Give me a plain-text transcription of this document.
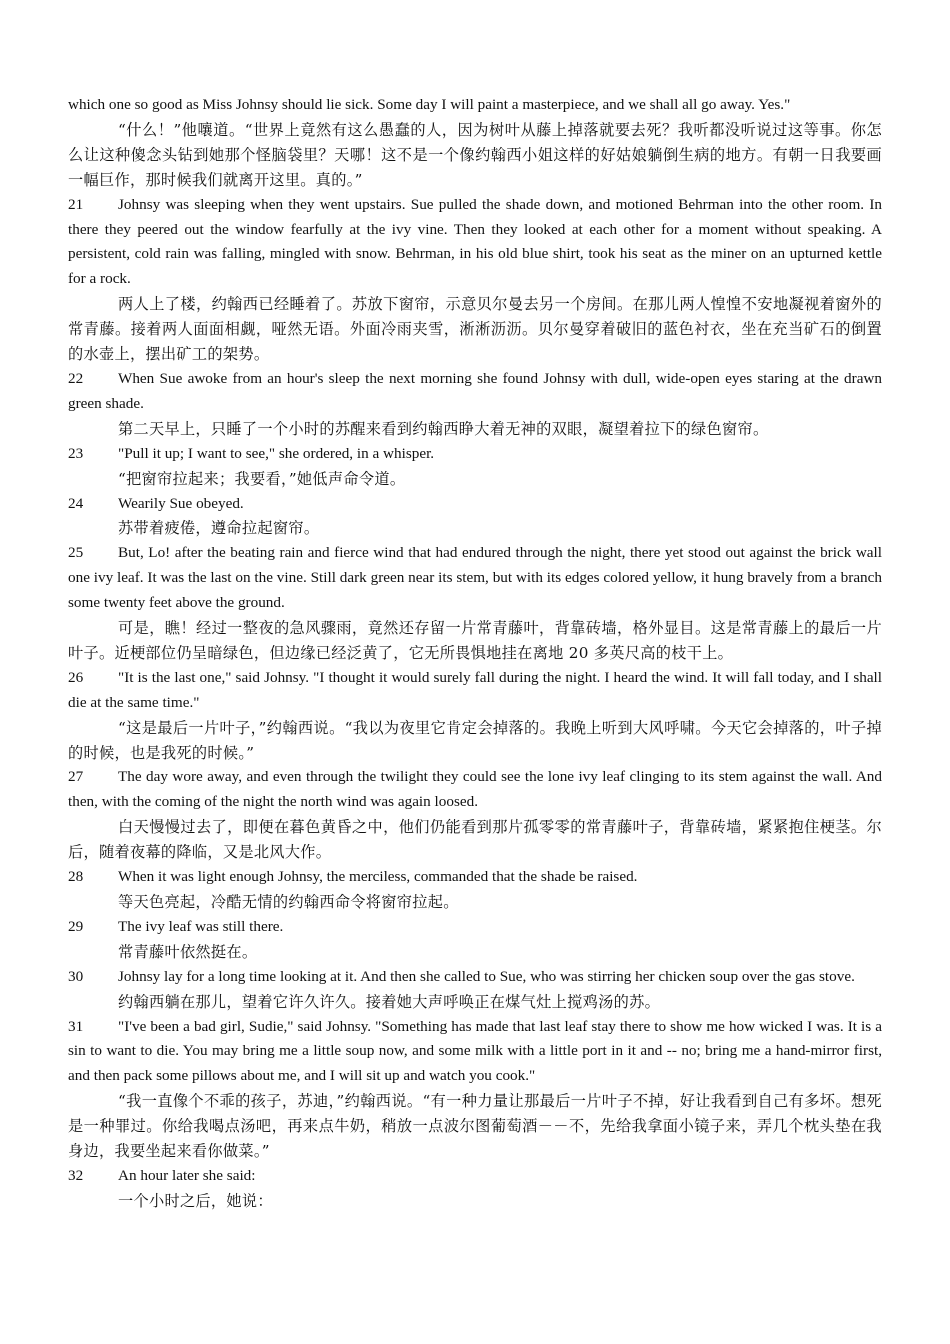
which one so good as Miss Johnsy should lie sick. Some day I will paint a masterpiece, and we shall all go away. Yes."

“什么！”他嚷道。“世界上竟然有这么愚蠢的人，因为树叶从藤上掉落就要去死？我听都没听说过这等事。你怎么让这种傻念头钻到她那个怪脑袋里？天哪！这不是一个像约翰西小姐这样的好姑娘躺倒生病的地方。有朝一日我要画一幅巨作，那时候我们就离开这里。真的。”

21 Johnsy was sleeping when they went upstairs. Sue pulled the shade down, and motioned Behrman into the other room. In there they peered out the window fearfully at the ivy vine. Then they looked at each other for a moment without speaking. A persistent, cold rain was falling, mingled with snow. Behrman, in his old blue shirt, took his seat as the miner on an upturned kettle for a rock.

两人上了楼，约翰西已经睡着了。苏放下窗帘，示意贝尔曼去另一个房间。在那儿两人惶惶不安地凝视着窗外的常青藤。接着两人面面相觑，哑然无语。外面冷雨夹雪，淅淅沥沥。贝尔曼穿着破旧的蓝色衬衣，坐在充当矿石的倒置的水壶上，摆出矿工的架势。

22 When Sue awoke from an hour's sleep the next morning she found Johnsy with dull, wide-open eyes staring at the drawn green shade.

第二天早上，只睡了一个小时的苏醒来看到约翰西睁大着无神的双眼，凝望着拉下的绿色窗帘。

23 "Pull it up; I want to see," she ordered, in a whisper.

“把窗帘拉起来；我要看，”她低声命令道。

24 Wearily Sue obeyed.

苏带着疲倦，遵命拉起窗帘。

25 But, Lo! after the beating rain and fierce wind that had endured through the night, there yet stood out against the brick wall one ivy leaf. It was the last on the vine. Still dark green near its stem, but with its edges colored yellow, it hung bravely from a branch some twenty feet above the ground.

可是，瞧！经过一整夜的急风骤雨，竟然还存留一片常青藤叶，背靠砖墙，格外显目。这是常青藤上的最后一片叶子。近梗部位仍呈暗绿色，但边缘已经泛黄了，它无所畏惧地挂在离地 20 多英尺高的枝干上。

26 "It is the last one," said Johnsy. "I thought it would surely fall during the night. I heard the wind. It will fall today, and I shall die at the same time."

“这是最后一片叶子，”约翰西说。“我以为夜里它肯定会掉落的。我晚上听到大风呼啸。今天它会掉落的，叶子掉的时候，也是我死的时候。”

27 The day wore away, and even through the twilight they could see the lone ivy leaf clinging to its stem against the wall. And then, with the coming of the night the north wind was again loosed.

白天慢慢过去了，即便在暮色黄昏之中，他们仍能看到那片孤零零的常青藤叶子，背靠砖墙，紧紧抱住梗茎。尔后，随着夜幕的降临，又是北风大作。

28 When it was light enough Johnsy, the merciless, commanded that the shade be raised.

等天色亮起，冷酷无情的约翰西命令将窗帘拉起。

29 The ivy leaf was still there.

常青藤叶依然挺在。

30 Johnsy lay for a long time looking at it. And then she called to Sue, who was stirring her chicken soup over the gas stove.

约翰西躺在那儿，望着它许久许久。接着她大声呼唤正在煤气灶上搅鸡汤的苏。

31 "I've been a bad girl, Sudie," said Johnsy. "Something has made that last leaf stay there to show me how wicked I was. It is a sin to want to die. You may bring me a little soup now, and some milk with a little port in it and -- no; bring me a hand-mirror first, and then pack some pillows about me, and I will sit up and watch you cook."

“我一直像个不乖的孩子，苏迪，”约翰西说。“有一种力量让那最后一片叶子不掉，好让我看到自己有多坏。想死是一种罪过。你给我喝点汤吧，再来点牛奶，稍放一点波尔图葡萄酒－－不，先给我拿面小镜子来，弄几个枕头垫在我身边，我要坐起来看你做菜。”

32 An hour later she said:

一个小时之后，她说：
